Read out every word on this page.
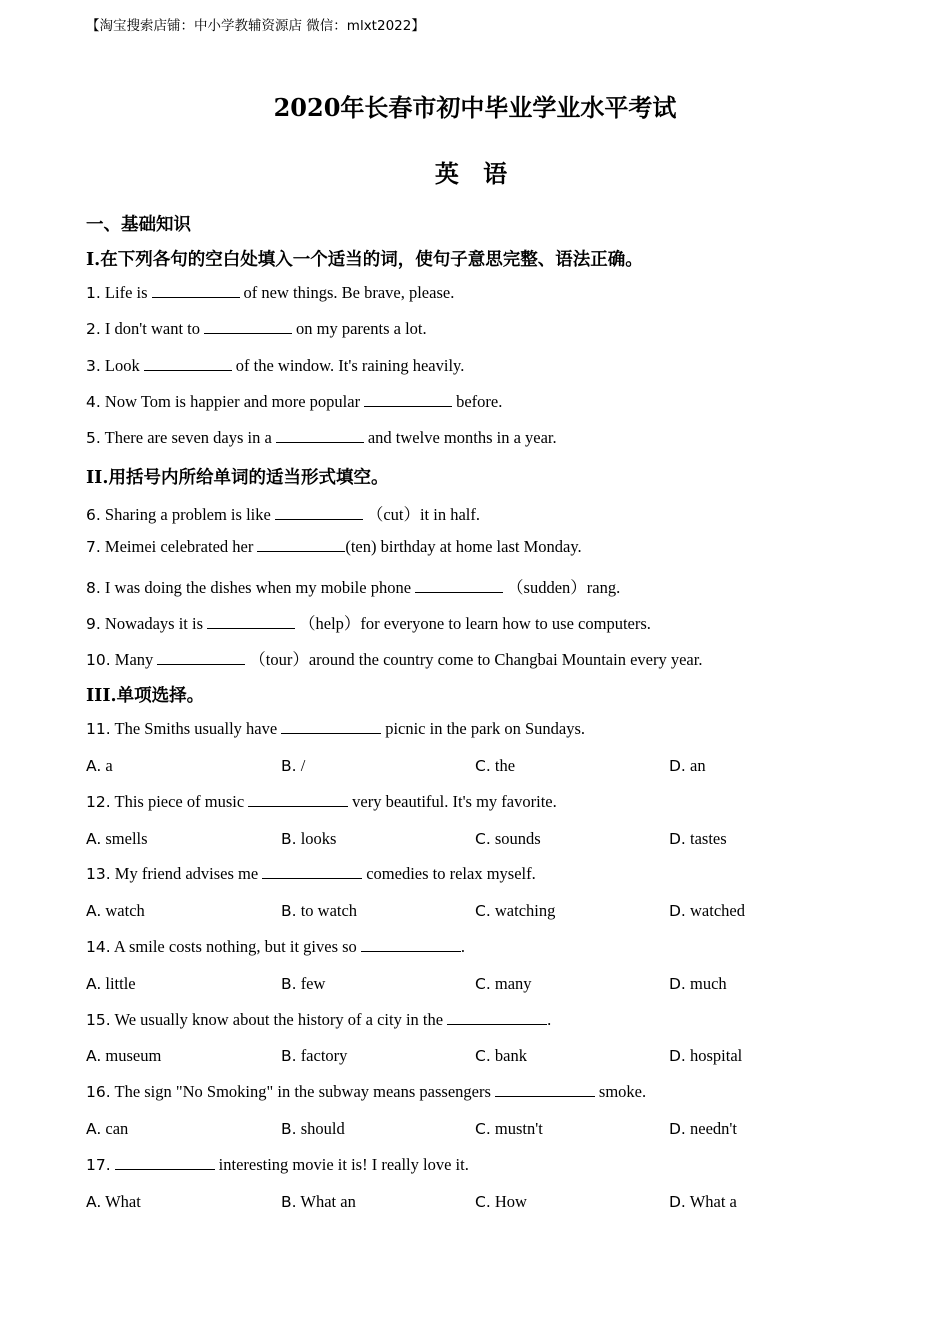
【淘宝搜索店铺：中小学教辅资源店 微信：mlxt2022】
2020年长春市初中毕业学业水平考试
英 语
一、基础知识
I.在下列各句的空白处填入一个适当的词，使句子意思完整、语法正确。
1. Life is	of new things. Be brave, please.
2. I don't want to	on my parents a lot.
3. Look	of the window. It's raining heavily.
4. Now Tom is happier and more popular	before.
5. There are seven days in a	and twelve months in a year.
II.用括号内所给单词的适当形式填空。
6. Sharing a problem is like	（cut）it in half.
7. Meimei celebrated her	(ten) birthday at home last Monday.
8. I was doing the dishes when my mobile phone	（sudden）rang.
9. Nowadays it is	（help）for everyone to learn how to use computers.
10. Many	（tour）around the country come to Changbai Mountain every year.
III.单项选择。
11. The Smiths usually have	picnic in the park on Sundays.
A. a	B. /	C. the	D. an
12. This piece of music	very beautiful. It's my favorite.
A. smells	B. looks	C. sounds	D. tastes
13. My friend advises me	comedies to relax myself.
A. watch	B. to watch	C. watching	D. watched
14. A smile costs nothing, but it gives so	.
A. little	B. few	C. many	D. much
15. We usually know about the history of a city in the	.
A. museum	B. factory	C. bank	D. hospital
16. The sign "No Smoking" in the subway means passengers	smoke.
A. can	B. should	C. mustn't	D. needn't
17.	interesting movie it is! I really love it.
A. What	B. What an	C. How	D. What a
